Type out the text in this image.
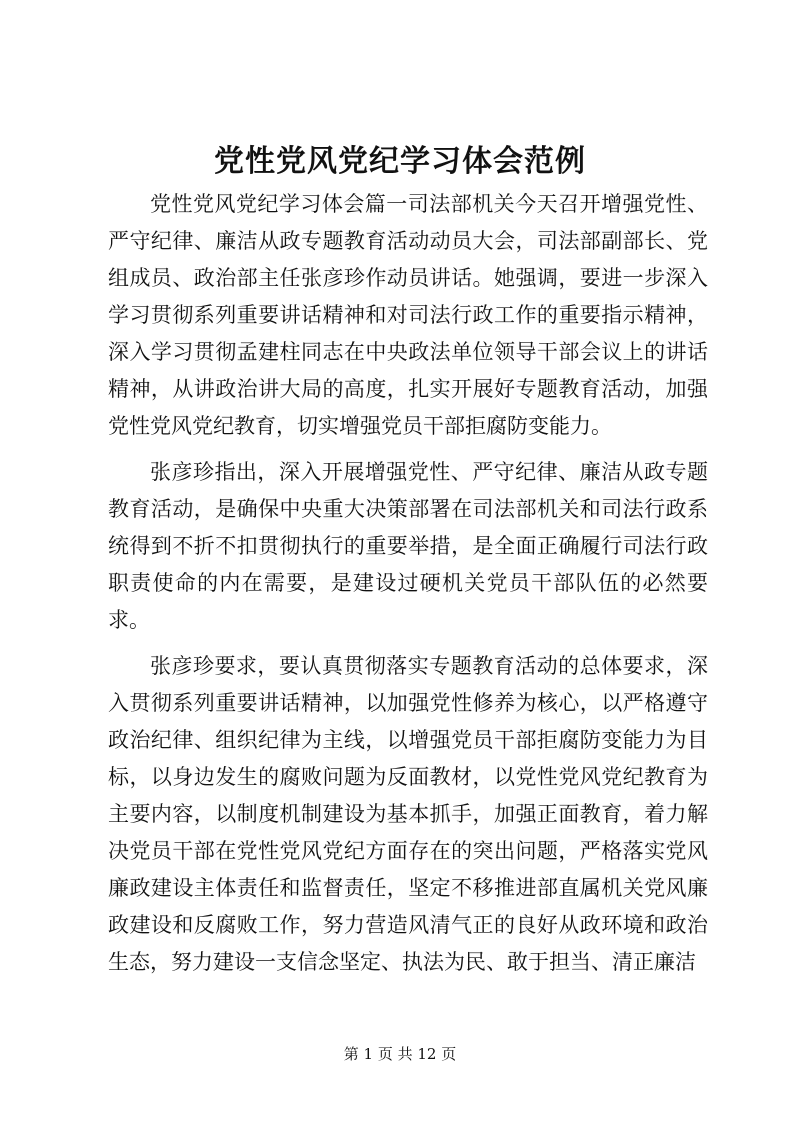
党性党风党纪学习体会范例

党性党风党纪学习体会篇一司法部机关今天召开增强党性、严守纪律、廉洁从政专题教育活动动员大会，司法部副部长、党组成员、政治部主任张彦珍作动员讲话。她强调，要进一步深入学习贯彻系列重要讲话精神和对司法行政工作的重要指示精神，深入学习贯彻孟建柱同志在中央政法单位领导干部会议上的讲话精神，从讲政治讲大局的高度，扎实开展好专题教育活动，加强党性党风党纪教育，切实增强党员干部拒腐防变能力。

张彦珍指出，深入开展增强党性、严守纪律、廉洁从政专题教育活动，是确保中央重大决策部署在司法部机关和司法行政系统得到不折不扣贯彻执行的重要举措，是全面正确履行司法行政职责使命的内在需要，是建设过硬机关党员干部队伍的必然要求。

张彦珍要求，要认真贯彻落实专题教育活动的总体要求，深入贯彻系列重要讲话精神，以加强党性修养为核心，以严格遵守政治纪律、组织纪律为主线，以增强党员干部拒腐防变能力为目标，以身边发生的腐败问题为反面教材，以党性党风党纪教育为主要内容，以制度机制建设为基本抓手，加强正面教育，着力解决党员干部在党性党风党纪方面存在的突出问题，严格落实党风廉政建设主体责任和监督责任，坚定不移推进部直属机关党风廉政建设和反腐败工作，努力营造风清气正的良好从政环境和政治生态，努力建设一支信念坚定、执法为民、敢于担当、清正廉洁

第 1 页 共 12 页
